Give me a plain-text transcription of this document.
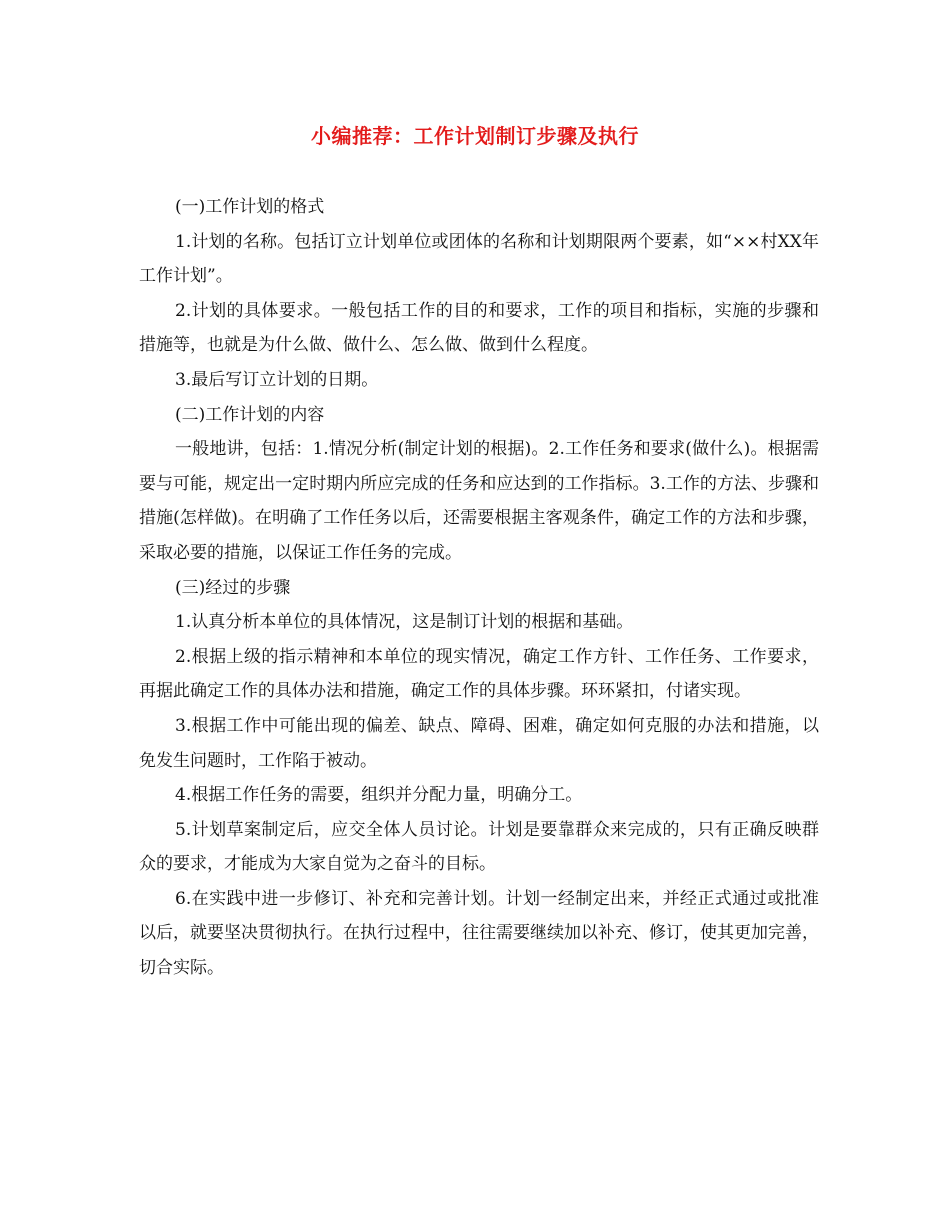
小编推荐：工作计划制订步骤及执行

(一)工作计划的格式

1.计划的名称。包括订立计划单位或团体的名称和计划期限两个要素，如“××村XX年工作计划”。

2.计划的具体要求。一般包括工作的目的和要求，工作的项目和指标，实施的步骤和措施等，也就是为什么做、做什么、怎么做、做到什么程度。

3.最后写订立计划的日期。

(二)工作计划的内容

一般地讲，包括：1.情况分析(制定计划的根据)。2.工作任务和要求(做什么)。根据需要与可能，规定出一定时期内所应完成的任务和应达到的工作指标。3.工作的方法、步骤和措施(怎样做)。在明确了工作任务以后，还需要根据主客观条件，确定工作的方法和步骤，采取必要的措施，以保证工作任务的完成。

(三)经过的步骤

1.认真分析本单位的具体情况，这是制订计划的根据和基础。

2.根据上级的指示精神和本单位的现实情况，确定工作方针、工作任务、工作要求，再据此确定工作的具体办法和措施，确定工作的具体步骤。环环紧扣，付诸实现。

3.根据工作中可能出现的偏差、缺点、障碍、困难，确定如何克服的办法和措施，以免发生问题时，工作陷于被动。

4.根据工作任务的需要，组织并分配力量，明确分工。

5.计划草案制定后，应交全体人员讨论。计划是要靠群众来完成的，只有正确反映群众的要求，才能成为大家自觉为之奋斗的目标。

6.在实践中进一步修订、补充和完善计划。计划一经制定出来，并经正式通过或批准以后，就要坚决贯彻执行。在执行过程中，往往需要继续加以补充、修订，使其更加完善，切合实际。
